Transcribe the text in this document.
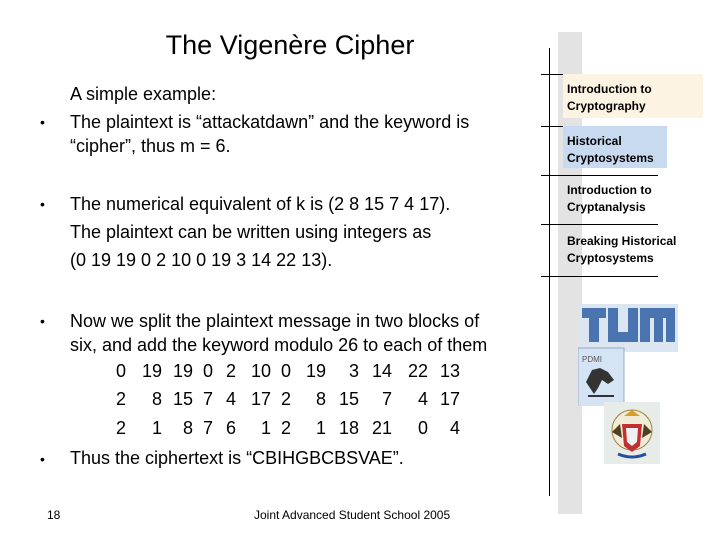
The Vigenère Cipher
Introduction to
Cryptography
Historical
Cryptosystems
Introduction to
Cryptanalysis
Breaking Historical
Cryptosystems
PDMI
A simple example:
• The plaintext is “attackatdawn” and the keyword is
“cipher”, thus m = 6.
• The numerical equivalent of k is (2 8 15 7 4 17).
The plaintext can be written using integers as
(0 19 19 0 2 10 0 19 3 14 22 13).
• Now we split the plaintext message in two blocks of
six, and add the keyword modulo 26 to each of them
0 19 19 0 2 10 0 19 3 14 22 13
2 8 15 7 4 17 2 8 15 7 4 17
2 1 8 7 6 1 2 1 18 21 0 4
• Thus the ciphertext is “CBIHGBCBSVAE”.
18	Joint Advanced Student School 2005
